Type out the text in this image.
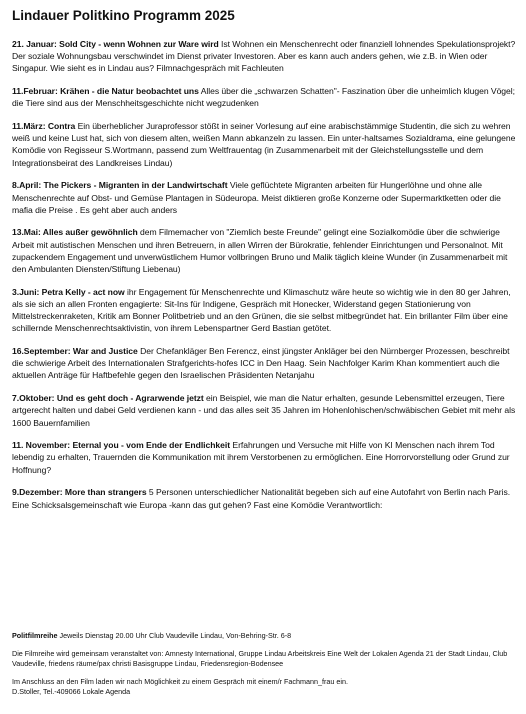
Lindauer Politkino Programm 2025
21. Januar: Sold City - wenn Wohnen zur Ware wird Ist Wohnen ein Menschenrecht oder finanziell lohnendes Spekulationsprojekt? Der soziale Wohnungsbau verschwindet im Dienst privater Investoren. Aber es kann auch anders gehen, wie z.B. in Wien oder Singapur. Wie sieht es in Lindau aus? Filmnachgespräch mit Fachleuten
11.Februar: Krähen - die Natur beobachtet uns Alles über die „schwarzen Schatten"- Faszination über die unheimlich klugen Vögel; die Tiere sind aus der Menschheitsgeschichte nicht wegzudenken
11.März: Contra Ein überheblicher Juraprofessor stößt in seiner Vorlesung auf eine arabischstämmige Studentin, die sich zu wehren weiß und keine Lust hat, sich von diesem alten, weißen Mann abkanzeln zu lassen. Ein unter-haltsames Sozialdrama, eine gelungene Komödie von Regisseur S.Wortmann, passend zum Weltfrauentag (in Zusammenarbeit mit der Gleichstellungsstelle und dem Integrationsbeirat des Landkreises Lindau)
8.April: The Pickers - Migranten in der Landwirtschaft Viele geflüchtete Migranten arbeiten für Hungerlöhne und ohne alle Menschenrechte auf Obst- und Gemüse Plantagen in Südeuropa. Meist diktieren große Konzerne oder Supermarktketten oder die mafia die Preise . Es geht aber auch anders
13.Mai: Alles außer gewöhnlich dem Filmemacher von "Ziemlich beste Freunde" gelingt eine Sozialkomödie über die schwierige Arbeit mit autistischen Menschen und ihren Betreuern, in allen Wirren der Bürokratie, fehlender Einrichtungen und Personalnot. Mit zupackendem Engagement und unverwüstlichem Humor vollbringen Bruno und Malik täglich kleine Wunder (in Zusammenarbeit mit den Ambulanten Diensten/Stiftung Liebenau)
3.Juni: Petra Kelly - act now ihr Engagement für Menschenrechte und Klimaschutz wäre heute so wichtig wie in den 80 ger Jahren, als sie sich an allen Fronten engagierte: Sit-Ins für Indigene, Gespräch mit Honecker, Widerstand gegen Stationierung von Mittelstreckenraketen, Kritik am Bonner Politbetrieb und an den Grünen, die sie selbst mitbegründet hat. Ein brillanter Film über eine schillernde Menschenrechtsaktivistin, von ihrem Lebenspartner Gerd Bastian getötet.
16.September: War and Justice Der Chefankläger Ben Ferencz, einst jüngster Ankläger bei den Nürnberger Prozessen, beschreibt die schwierige Arbeit des Internationalen Strafgerichts-hofes ICC in Den Haag. Sein Nachfolger Karim Khan kommentiert auch die aktuellen Anträge für Haftbefehle gegen den Israelischen Präsidenten Netanjahu
7.Oktober: Und es geht doch - Agrarwende jetzt ein Beispiel, wie man die Natur erhalten, gesunde Lebensmittel erzeugen, Tiere artgerecht halten und dabei Geld verdienen kann - und das alles seit 35 Jahren im Hohenlohischen/schwäbischen Gebiet mit mehr als 1600 Bauernfamilien
11. November: Eternal you - vom Ende der Endlichkeit Erfahrungen und Versuche mit Hilfe von KI Menschen nach ihrem Tod lebendig zu erhalten, Trauernden die Kommunikation mit ihrem Verstorbenen zu ermöglichen. Eine Horrorvorstellung oder Grund zur Hoffnung?
9.Dezember: More than strangers 5 Personen unterschiedlicher Nationalität begeben sich auf eine Autofahrt von Berlin nach Paris. Eine Schicksalsgemeinschaft wie Europa -kann das gut gehen? Fast eine Komödie Verantwortlich:

Politfilmreihe Jeweils Dienstag 20.00 Uhr Club Vaudeville Lindau, Von-Behring-Str. 6-8

Die Filmreihe wird gemeinsam veranstaltet von: Amnesty International, Gruppe Lindau Arbeitskreis Eine Welt der Lokalen Agenda 21 der Stadt Lindau, Club Vaudeville, friedens räume/pax christi Basisgruppe Lindau, Friedensregion-Bodensee

Im Anschluss an den Film laden wir nach Möglichkeit zu einem Gespräch mit einem/r Fachmann_frau ein.

D.Stoller, Tel.-409066 Lokale Agenda
